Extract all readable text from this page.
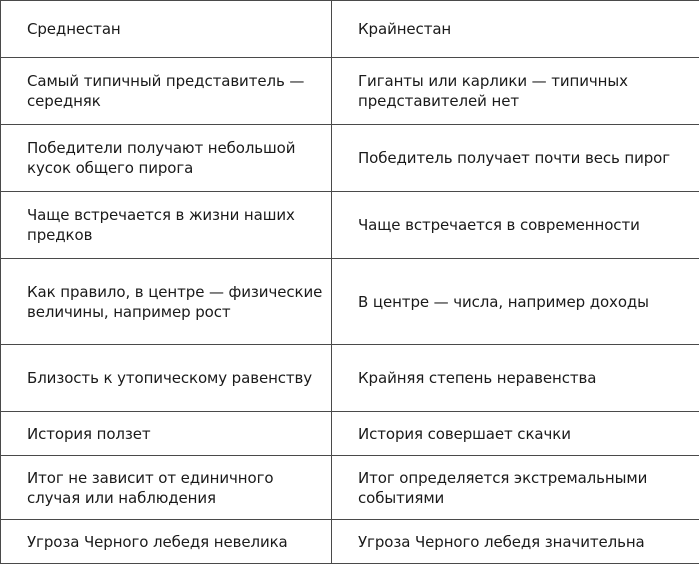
Среднестан	Крайнестан
Самый типичный представитель — середняк	Гиганты или карлики — типичных представителей нет
Победители получают небольшой кусок общего пирога	Победитель получает почти весь пирог
Чаще встречается в жизни наших предков	Чаще встречается в современности
Как правило, в центре — физические величины, например рост	В центре — числа, например доходы
Близость к утопическому равенству	Крайняя степень неравенства
История ползет	История совершает скачки
Итог не зависит от единичного случая или наблюдения	Итог определяется экстремальными событиями
Угроза Черного лебедя невелика	Угроза Черного лебедя значительна
